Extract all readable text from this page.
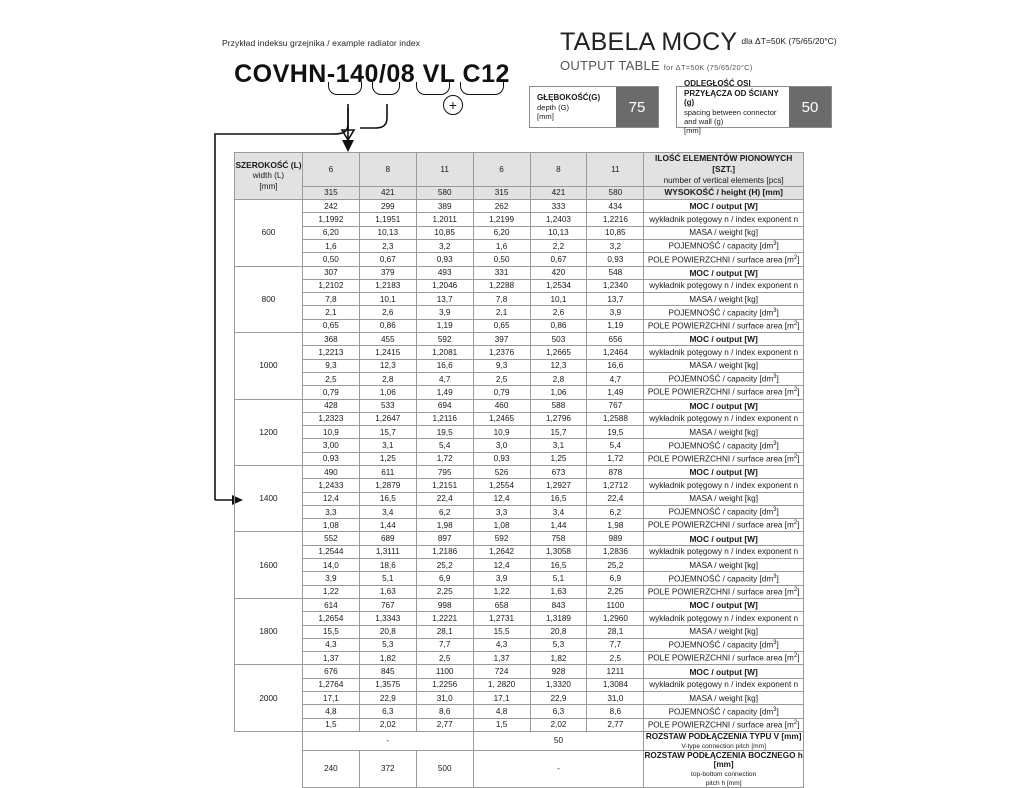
Przykład indeksu grzejnika / example radiator index
COVHN-140/08 VL C12
+
TABELA MOCY dla ΔT=50K (75/65/20°C)
OUTPUT TABLE for ΔT=50K (75/65/20°C)
GŁĘBOKOŚĆ(G)
depth (G)
[mm]
75
ODLEGŁOŚĆ OSI PRZYŁĄCZA OD ŚCIANY (g)
spacing between connector and wall (g)
[mm]
50
SZEROKOŚĆ (L)
width (L)
[mm]	6	8	11	6	8	11	ILOŚĆ ELEMENTÓW PIONOWYCH [SZT.]
number of vertical elements [pcs]
	315	421	580	315	421	580	WYSOKOŚĆ / height (H) [mm]
600	242	299	389	262	333	434	MOC / output [W]
	1,1992	1,1951	1,2011	1,2199	1,2403	1,2216	wykładnik potęgowy n / index exponent n
	6,20	10,13	10,85	6,20	10,13	10,85	MASA / weight [kg]
	1,6	2,3	3,2	1,6	2,2	3,2	POJEMNOŚĆ / capacity $[dm^3]$
	0,50	0,67	0,93	0,50	0,67	0,93	POLE POWIERZCHNI / surface area $[m^2]$
800	307	379	493	331	420	548	MOC / output [W]
	1,2102	1,2183	1,2046	1,2288	1,2534	1,2340	wykładnik potęgowy n / index exponent n
	7,8	10,1	13,7	7,8	10,1	13,7	MASA / weight [kg]
	2,1	2,6	3,9	2,1	2,6	3,9	POJEMNOŚĆ / capacity $[dm^3]$
	0,65	0,86	1,19	0,65	0,86	1,19	POLE POWIERZCHNI / surface area $[m^2]$
1000	368	455	592	397	503	656	MOC / output [W]
	1,2213	1,2415	1,2081	1,2376	1,2665	1,2464	wykładnik potęgowy n / index exponent n
	9,3	12,3	16,6	9,3	12,3	16,6	MASA / weight [kg]
	2,5	2,8	4,7	2,5	2,8	4,7	POJEMNOŚĆ / capacity $[dm^3]$
	0,79	1,06	1,49	0,79	1,06	1,49	POLE POWIERZCHNI / surface area $[m^2]$
1200	428	533	694	460	588	767	MOC / output [W]
	1,2323	1,2647	1,2116	1,2465	1,2796	1,2588	wykładnik potęgowy n / index exponent n
	10,9	15,7	19,5	10,9	15,7	19,5	MASA / weight [kg]
	3,00	3,1	5,4	3,0	3,1	5,4	POJEMNOŚĆ / capacity $[dm^3]$
	0,93	1,25	1,72	0,93	1,25	1,72	POLE POWIERZCHNI / surface area $[m^2]$
1400	490	611	795	526	673	878	MOC / output [W]
	1,2433	1,2879	1,2151	1,2554	1,2927	1,2712	wykładnik potęgowy n / index exponent n
	12,4	16,5	22,4	12,4	16,5	22,4	MASA / weight [kg]
	3,3	3,4	6,2	3,3	3,4	6,2	POJEMNOŚĆ / capacity $[dm^3]$
	1,08	1,44	1,98	1,08	1,44	1,98	POLE POWIERZCHNI / surface area $[m^2]$
1600	552	689	897	592	758	989	MOC / output [W]
	1,2544	1,3111	1,2186	1,2642	1,3058	1,2836	wykładnik potęgowy n / index exponent n
	14,0	18,6	25,2	12,4	16,5	25,2	MASA / weight [kg]
	3,9	5,1	6,9	3,9	5,1	6,9	POJEMNOŚĆ / capacity $[dm^3]$
	1,22	1,63	2,25	1,22	1,63	2,25	POLE POWIERZCHNI / surface area $[m^2]$
1800	614	767	998	658	843	1100	MOC / output [W]
	1,2654	1,3343	1,2221	1,2731	1,3189	1,2960	wykładnik potęgowy n / index exponent n
	15,5	20,8	28,1	15,5	20,8	28,1	MASA / weight [kg]
	4,3	5,3	7,7	4,3	5,3	7,7	POJEMNOŚĆ / capacity $[dm^3]$
	1,37	1,82	2,5	1,37	1,82	2,5	POLE POWIERZCHNI / surface area $[m^2]$
2000	676	845	1100	724	928	1211	MOC / output [W]
	1,2764	1,3575	1,2256	1, 2820	1,3320	1,3084	wykładnik potęgowy n / index exponent n
	17,1	22,9	31,0	17,1	22,9	31,0	MASA / weight [kg]
	4,8	6,3	8,6	4,8	6,3	8,6	POJEMNOŚĆ / capacity $[dm^3]$
	1,5	2,02	2,77	1,5	2,02	2,77	POLE POWIERZCHNI / surface area $[m^2]$
	-			50			ROZSTAW PODŁĄCZENIA TYPU V [mm]
V-type connection pitch [mm]
	240	372	500	-			ROZSTAW PODŁĄCZENIA BOCZNEGO h [mm]
top-bottom connection
pitch h [mm]
